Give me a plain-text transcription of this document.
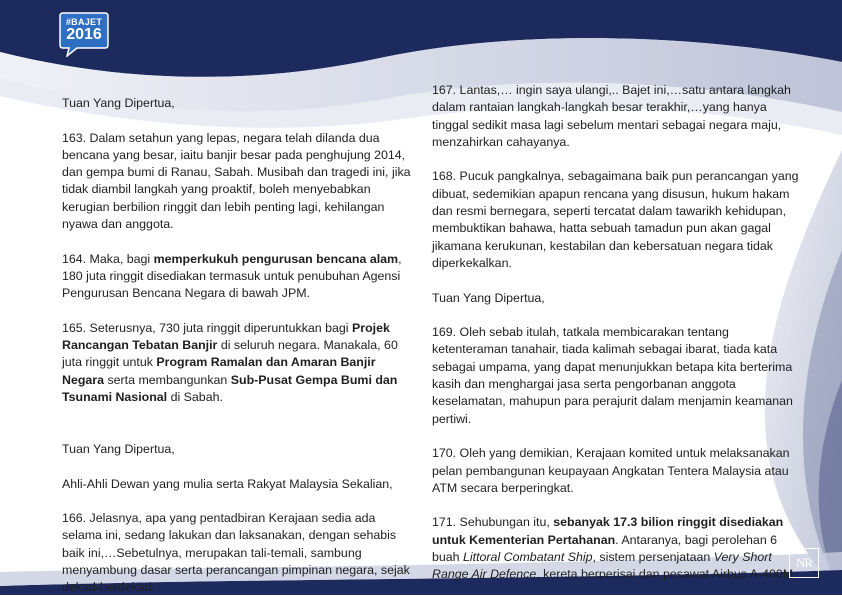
#BAJET
2016

Tuan Yang Dipertua,

163. Dalam setahun yang lepas, negara telah dilanda dua bencana yang besar, iaitu banjir besar pada penghujung 2014, dan gempa bumi di Ranau, Sabah. Musibah dan tragedi ini, jika tidak diambil langkah yang proaktif, boleh menyebabkan kerugian berbilion ringgit dan lebih penting lagi, kehilangan nyawa dan anggota.

164. Maka, bagi memperkukuh pengurusan bencana alam, 180 juta ringgit disediakan termasuk untuk penubuhan Agensi Pengurusan Bencana Negara di bawah JPM.

165. Seterusnya, 730 juta ringgit diperuntukkan bagi Projek Rancangan Tebatan Banjir di seluruh negara. Manakala, 60 juta ringgit untuk Program Ramalan dan Amaran Banjir Negara serta membangunkan Sub-Pusat Gempa Bumi dan Tsunami Nasional di Sabah.

Tuan Yang Dipertua,

Ahli-Ahli Dewan yang mulia serta Rakyat Malaysia Sekalian,

166. Jelasnya, apa yang pentadbiran Kerajaan sedia ada selama ini, sedang lakukan dan laksanakan, dengan sehabis baik ini,…Sebetulnya, merupakan tali-temali, sambung menyambung dasar serta perancangan pimpinan negara, sejak dekad-berdekad.

167. Lantas,… ingin saya ulangi,.. Bajet ini,…satu antara langkah dalam rantaian langkah-langkah besar terakhir,…yang hanya tinggal sedikit masa lagi sebelum mentari sebagai negara maju, menzahirkan cahayanya.

168. Pucuk pangkalnya, sebagaimana baik pun perancangan yang dibuat, sedemikian apapun rencana yang disusun, hukum hakam dan resmi bernegara, seperti tercatat dalam tawarikh kehidupan, membuktikan bahawa, hatta sebuah tamadun pun akan gagal jikamana kerukunan, kestabilan dan kebersatuan negara tidak diperkekalkan.

Tuan Yang Dipertua,

169. Oleh sebab itulah, tatkala membicarakan tentang ketenteraman tanahair, tiada kalimah sebagai ibarat, tiada kata sebagai umpama, yang dapat menunjukkan betapa kita berterima kasih dan menghargai jasa serta pengorbanan anggota keselamatan, mahupun para perajurit dalam menjamin keamanan pertiwi.

170. Oleh yang demikian, Kerajaan komited untuk melaksanakan pelan pembangunan keupayaan Angkatan Tentera Malaysia atau ATM secara berperingkat.

171. Sehubungan itu, sebanyak 17.3 bilion ringgit disediakan untuk Kementerian Pertahanan. Antaranya, bagi perolehan 6 buah Littoral Combatant Ship, sistem persenjataan Very Short Range Air Defence, kereta berperisai dan pesawat Airbus A-400M.

NR
